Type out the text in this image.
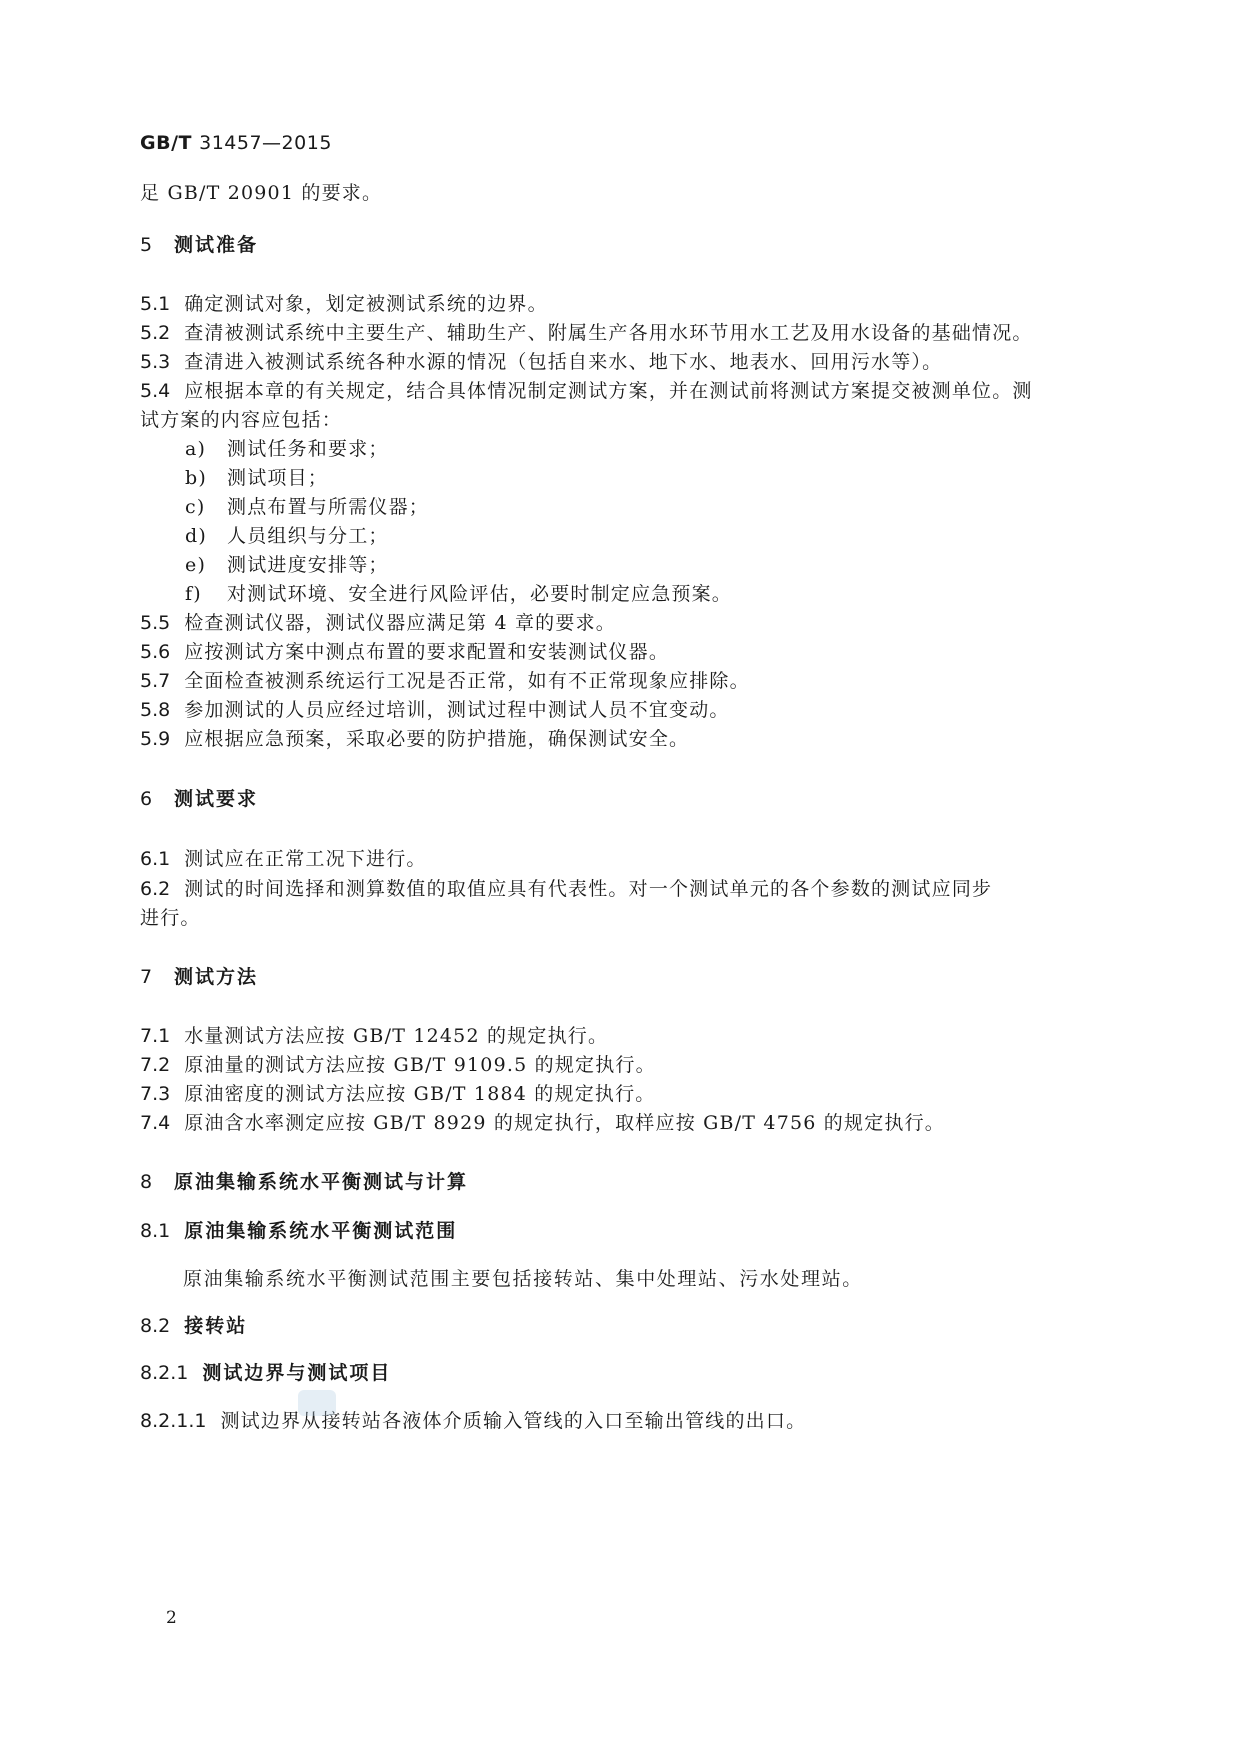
GB/T 31457—2015
足 GB/T 20901 的要求。
5 测试准备
5.1 确定测试对象，划定被测试系统的边界。
5.2 查清被测试系统中主要生产、辅助生产、附属生产各用水环节用水工艺及用水设备的基础情况。
5.3 查清进入被测试系统各种水源的情况（包括自来水、地下水、地表水、回用污水等）。
5.4 应根据本章的有关规定，结合具体情况制定测试方案，并在测试前将测试方案提交被测单位。测
试方案的内容应包括：
a) 测试任务和要求；
b) 测试项目；
c) 测点布置与所需仪器；
d) 人员组织与分工；
e) 测试进度安排等；
f) 对测试环境、安全进行风险评估，必要时制定应急预案。
5.5 检查测试仪器，测试仪器应满足第 4 章的要求。
5.6 应按测试方案中测点布置的要求配置和安装测试仪器。
5.7 全面检查被测系统运行工况是否正常，如有不正常现象应排除。
5.8 参加测试的人员应经过培训，测试过程中测试人员不宜变动。
5.9 应根据应急预案，采取必要的防护措施，确保测试安全。
6 测试要求
6.1 测试应在正常工况下进行。
6.2 测试的时间选择和测算数值的取值应具有代表性。对一个测试单元的各个参数的测试应同步
进行。
7 测试方法
7.1 水量测试方法应按 GB/T 12452 的规定执行。
7.2 原油量的测试方法应按 GB/T 9109.5 的规定执行。
7.3 原油密度的测试方法应按 GB/T 1884 的规定执行。
7.4 原油含水率测定应按 GB/T 8929 的规定执行，取样应按 GB/T 4756 的规定执行。
8 原油集输系统水平衡测试与计算
8.1 原油集输系统水平衡测试范围
原油集输系统水平衡测试范围主要包括接转站、集中处理站、污水处理站。
8.2 接转站
8.2.1 测试边界与测试项目
8.2.1.1 测试边界从接转站各液体介质输入管线的入口至输出管线的出口。
2
